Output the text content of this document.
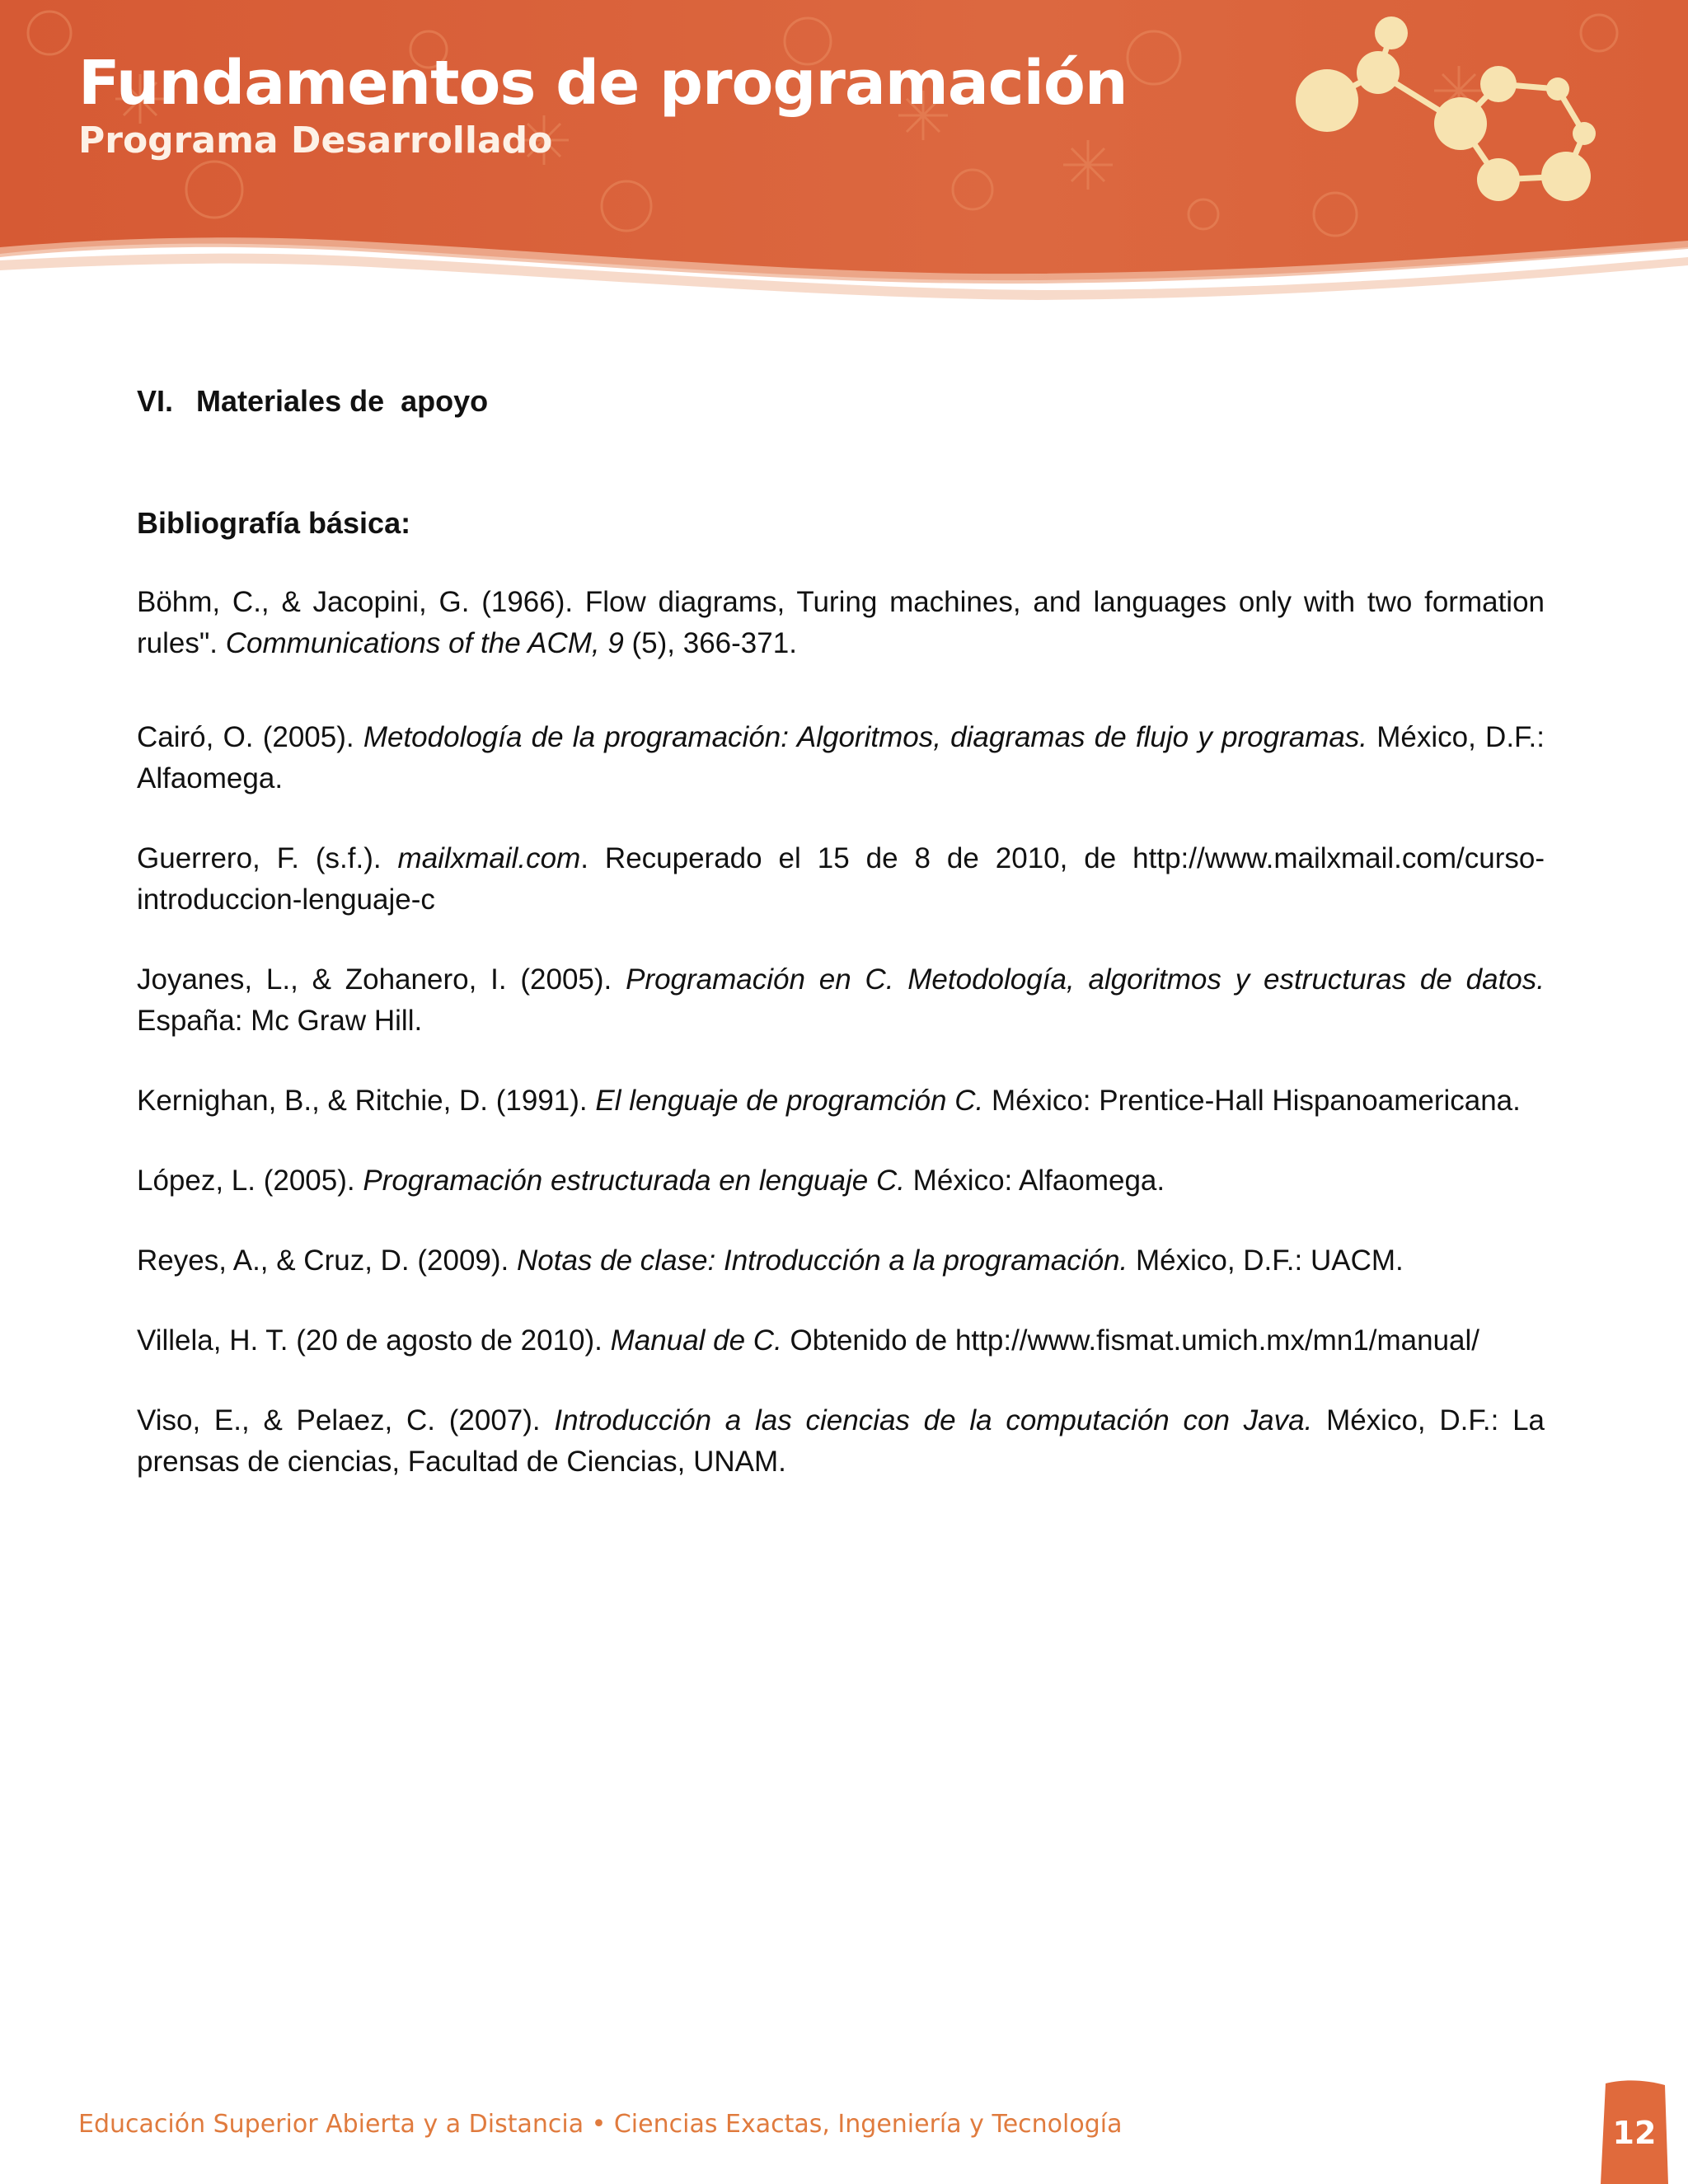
Fundamentos de programación
Programa Desarrollado

VI. Materiales de  apoyo

Bibliografía básica:

Böhm, C., & Jacopini, G. (1966). Flow diagrams, Turing machines, and languages only with two formation rules". Communications of the ACM, 9 (5), 366-371.

Cairó, O. (2005). Metodología de la programación: Algoritmos, diagramas de flujo y programas. México, D.F.: Alfaomega.

Guerrero, F. (s.f.). mailxmail.com. Recuperado el 15 de 8 de 2010, de http://www.mailxmail.com/curso-introduccion-lenguaje-c

Joyanes, L., & Zohanero, I. (2005). Programación en C. Metodología, algoritmos y estructuras de datos. España: Mc Graw Hill.

Kernighan, B., & Ritchie, D. (1991). El lenguaje de programción C. México: Prentice-Hall Hispanoamericana.

López, L. (2005). Programación estructurada en lenguaje C. México: Alfaomega.

Reyes, A., & Cruz, D. (2009). Notas de clase: Introducción a la programación. México, D.F.: UACM.

Villela, H. T. (20 de agosto de 2010). Manual de C. Obtenido de http://www.fismat.umich.mx/mn1/manual/

Viso, E., & Pelaez, C. (2007). Introducción a las ciencias de la computación con Java. México, D.F.: La prensas de ciencias, Facultad de Ciencias, UNAM.

Educación Superior Abierta y a Distancia • Ciencias Exactas, Ingeniería y Tecnología	12
